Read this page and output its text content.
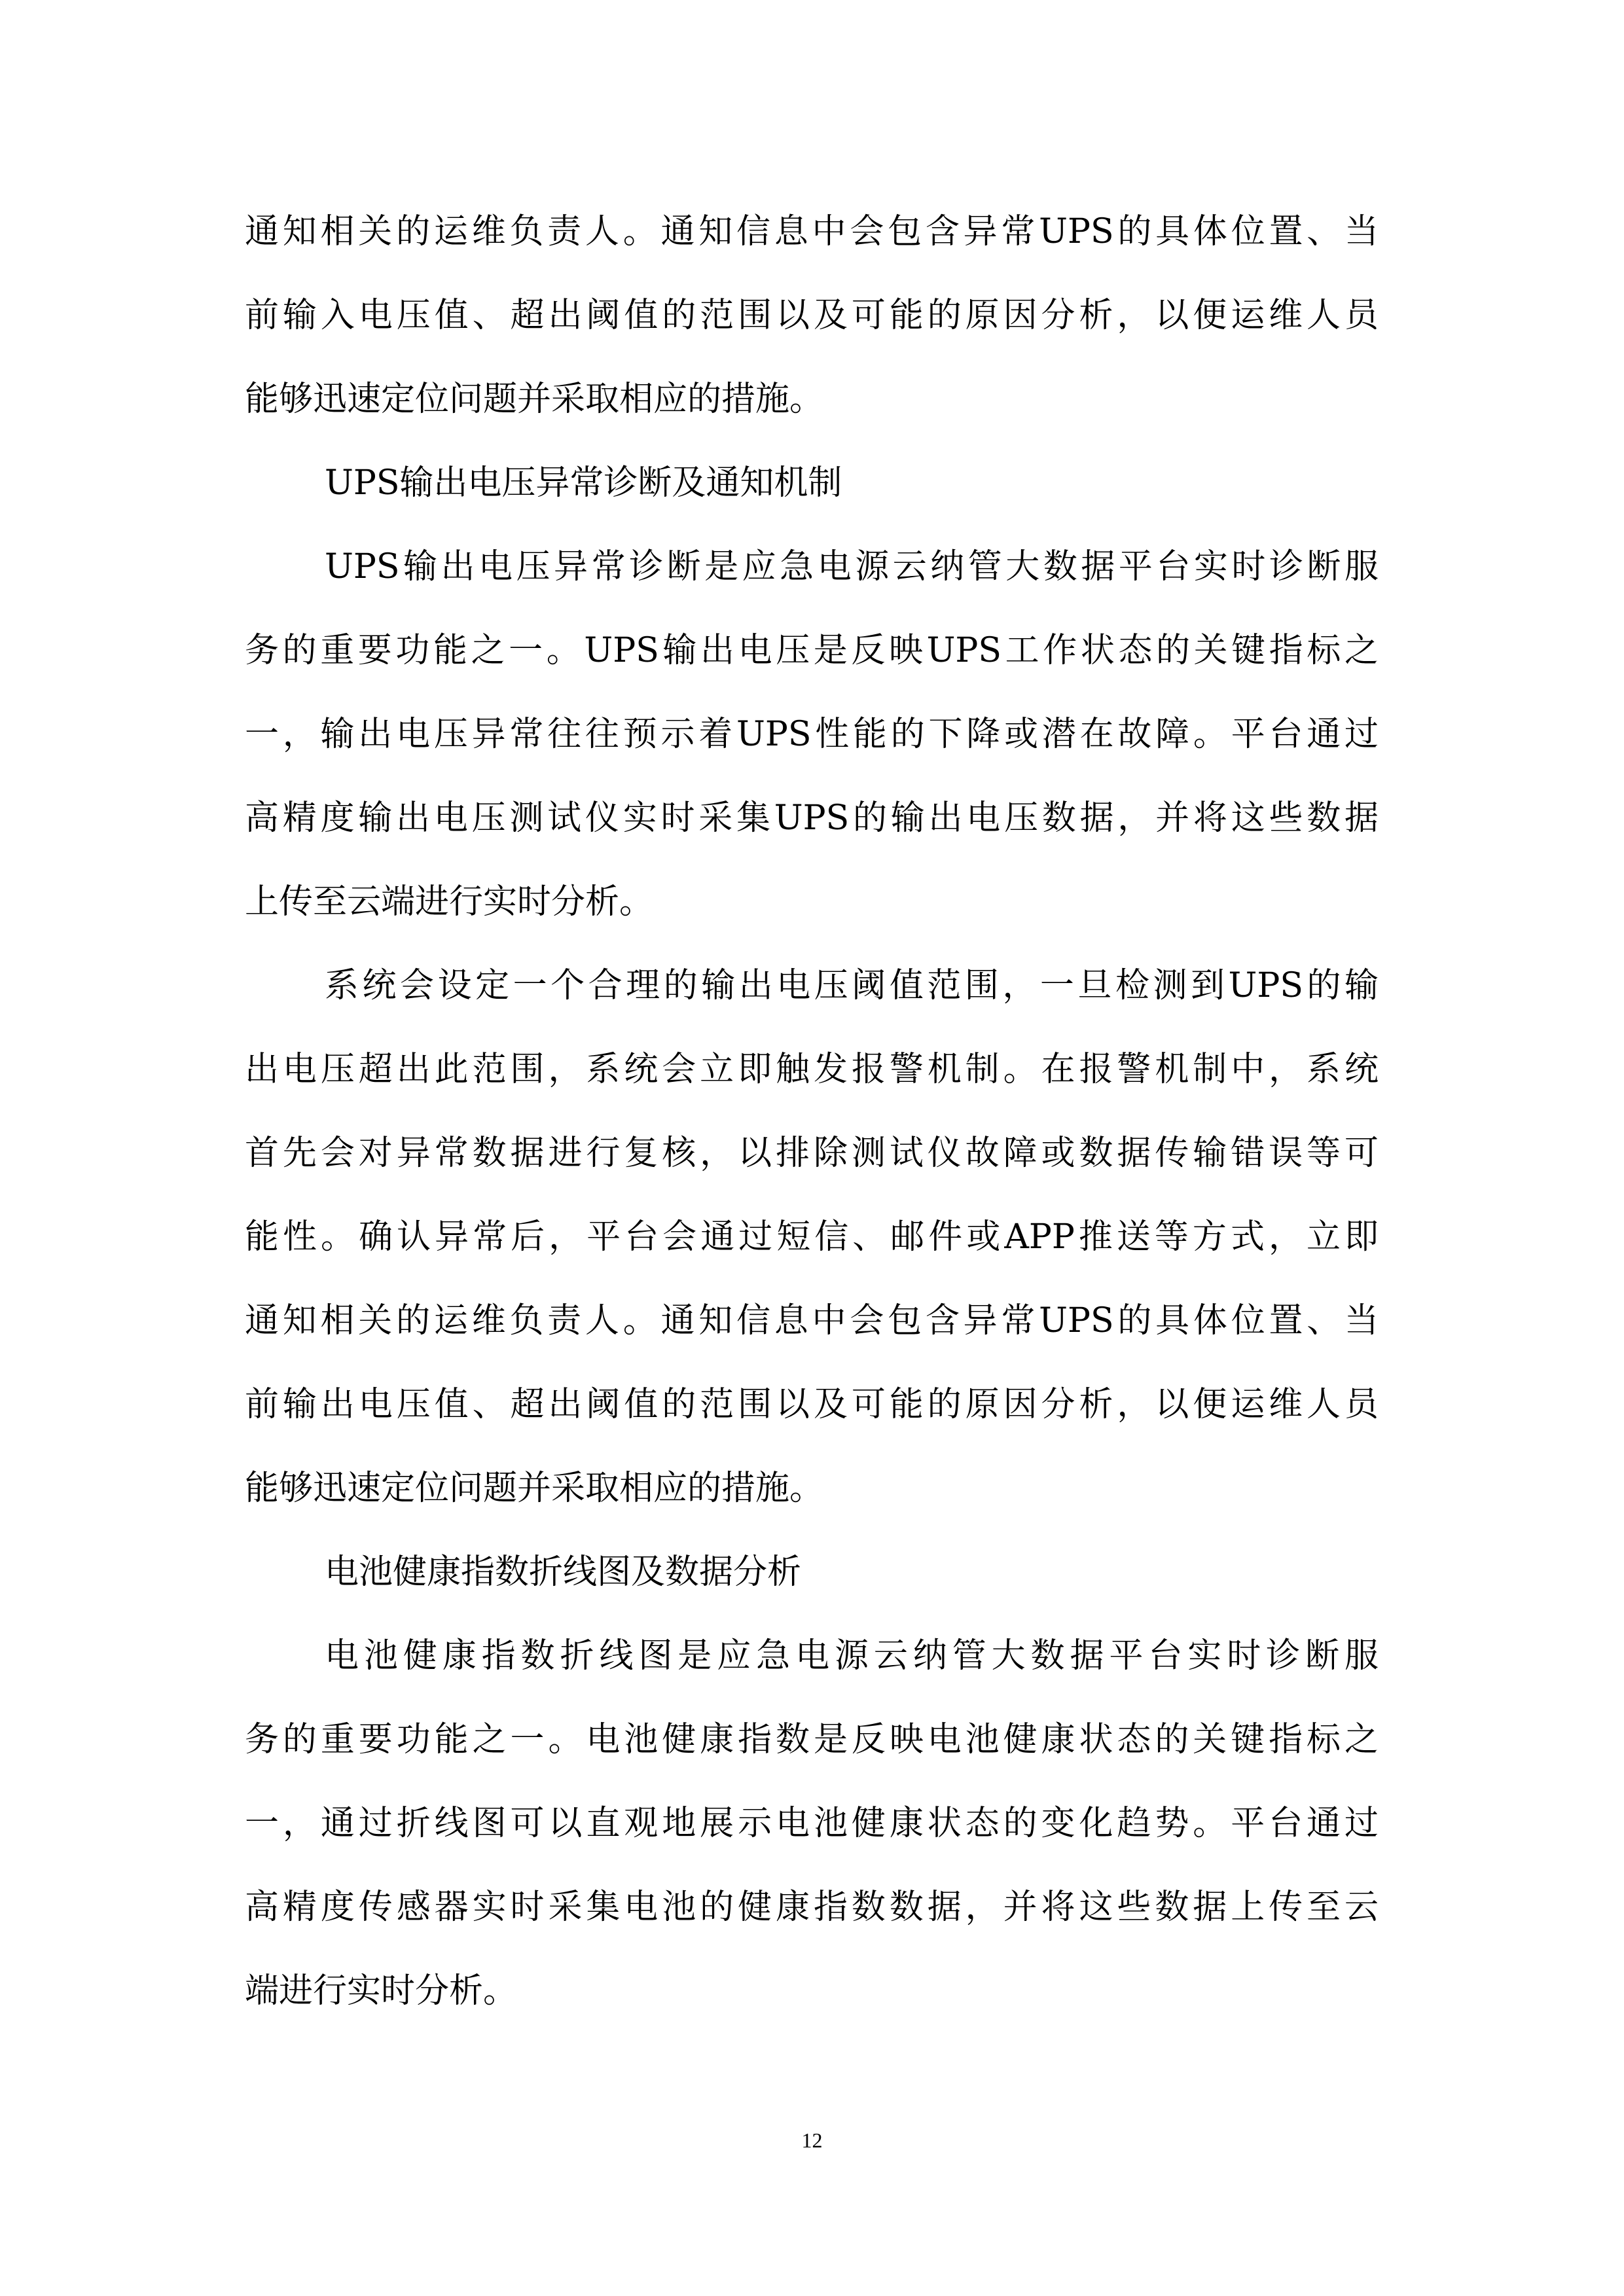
通知相关的运维负责人。通知信息中会包含异常UPS的具体位置、当

前输入电压值、超出阈值的范围以及可能的原因分析，以便运维人员

能够迅速定位问题并采取相应的措施。

UPS输出电压异常诊断及通知机制

UPS输出电压异常诊断是应急电源云纳管大数据平台实时诊断服

务的重要功能之一。UPS输出电压是反映UPS工作状态的关键指标之

一，输出电压异常往往预示着UPS性能的下降或潜在故障。平台通过

高精度输出电压测试仪实时采集UPS的输出电压数据，并将这些数据

上传至云端进行实时分析。

系统会设定一个合理的输出电压阈值范围，一旦检测到UPS的输

出电压超出此范围，系统会立即触发报警机制。在报警机制中，系统

首先会对异常数据进行复核，以排除测试仪故障或数据传输错误等可

能性。确认异常后，平台会通过短信、邮件或APP推送等方式，立即

通知相关的运维负责人。通知信息中会包含异常UPS的具体位置、当

前输出电压值、超出阈值的范围以及可能的原因分析，以便运维人员

能够迅速定位问题并采取相应的措施。

电池健康指数折线图及数据分析

电池健康指数折线图是应急电源云纳管大数据平台实时诊断服

务的重要功能之一。电池健康指数是反映电池健康状态的关键指标之

一，通过折线图可以直观地展示电池健康状态的变化趋势。平台通过

高精度传感器实时采集电池的健康指数数据，并将这些数据上传至云

端进行实时分析。

12
